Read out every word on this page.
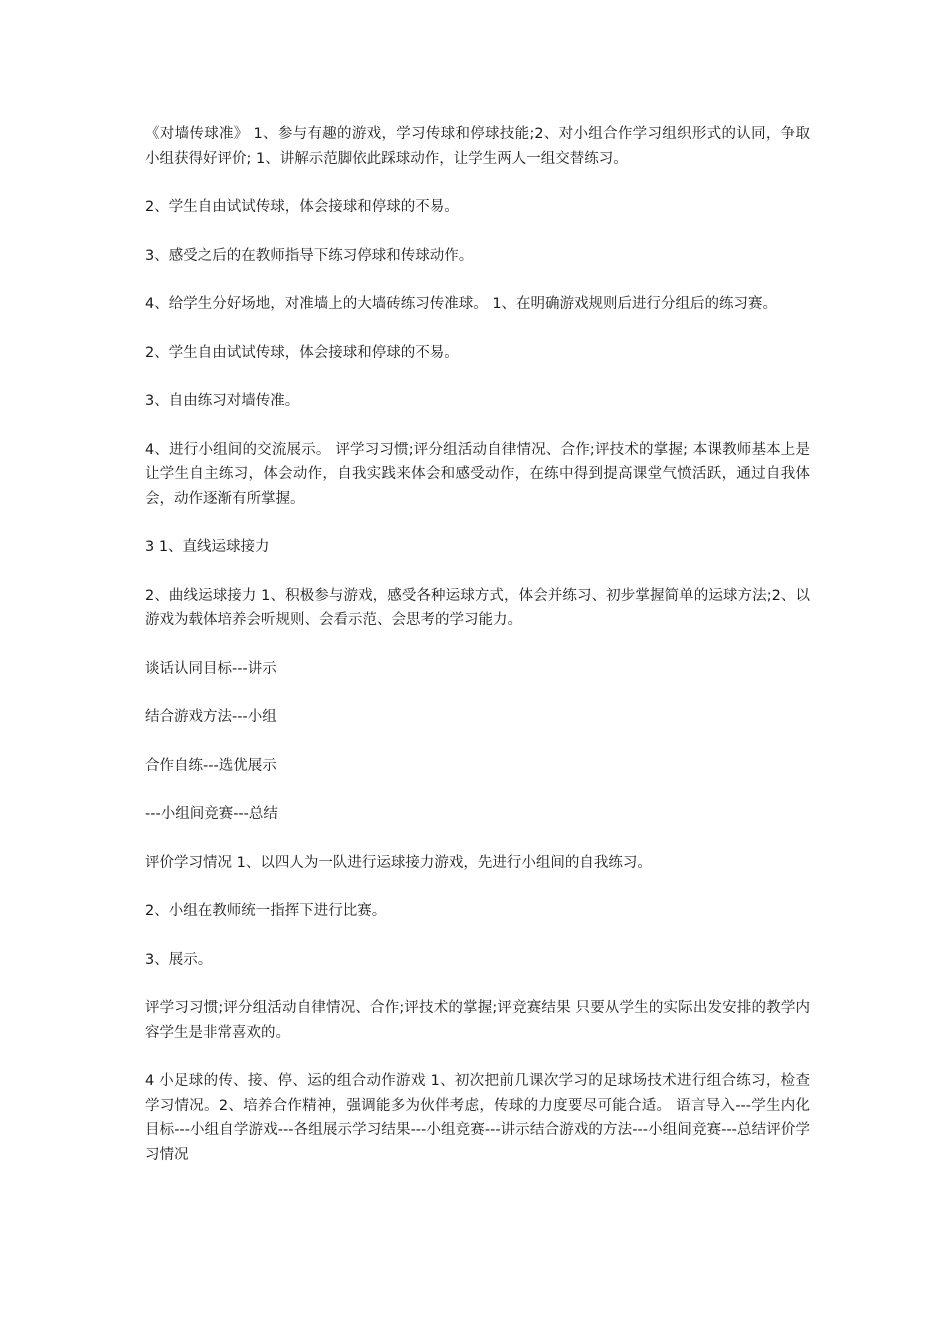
《对墙传球准》 1、参与有趣的游戏，学习传球和停球技能;2、对小组合作学习组织形式的认同，争取小组获得好评价; 1、讲解示范脚依此踩球动作，让学生两人一组交替练习。

2、学生自由试试传球，体会接球和停球的不易。

3、感受之后的在教师指导下练习停球和传球动作。

4、给学生分好场地，对准墙上的大墙砖练习传准球。 1、在明确游戏规则后进行分组后的练习赛。

2、学生自由试试传球，体会接球和停球的不易。

3、自由练习对墙传准。

4、进行小组间的交流展示。 评学习习惯;评分组活动自律情况、合作;评技术的掌握; 本课教师基本上是让学生自主练习，体会动作，自我实践来体会和感受动作，在练中得到提高课堂气愤活跃，通过自我体会，动作逐渐有所掌握。

3 1、直线运球接力

2、曲线运球接力 1、积极参与游戏，感受各种运球方式，体会并练习、初步掌握简单的运球方法;2、以游戏为载体培养会听规则、会看示范、会思考的学习能力。

谈话认同目标---讲示

结合游戏方法---小组

合作自练---选优展示

---小组间竞赛---总结

评价学习情况 1、以四人为一队进行运球接力游戏，先进行小组间的自我练习。

2、小组在教师统一指挥下进行比赛。

3、展示。

评学习习惯;评分组活动自律情况、合作;评技术的掌握;评竞赛结果 只要从学生的实际出发安排的教学内容学生是非常喜欢的。

4 小足球的传、接、停、运的组合动作游戏 1、初次把前几课次学习的足球场技术进行组合练习，检查学习情况。2、培养合作精神，强调能多为伙伴考虑，传球的力度要尽可能合适。 语言导入---学生内化目标---小组自学游戏---各组展示学习结果---小组竞赛---讲示结合游戏的方法---小组间竞赛---总结评价学习情况
